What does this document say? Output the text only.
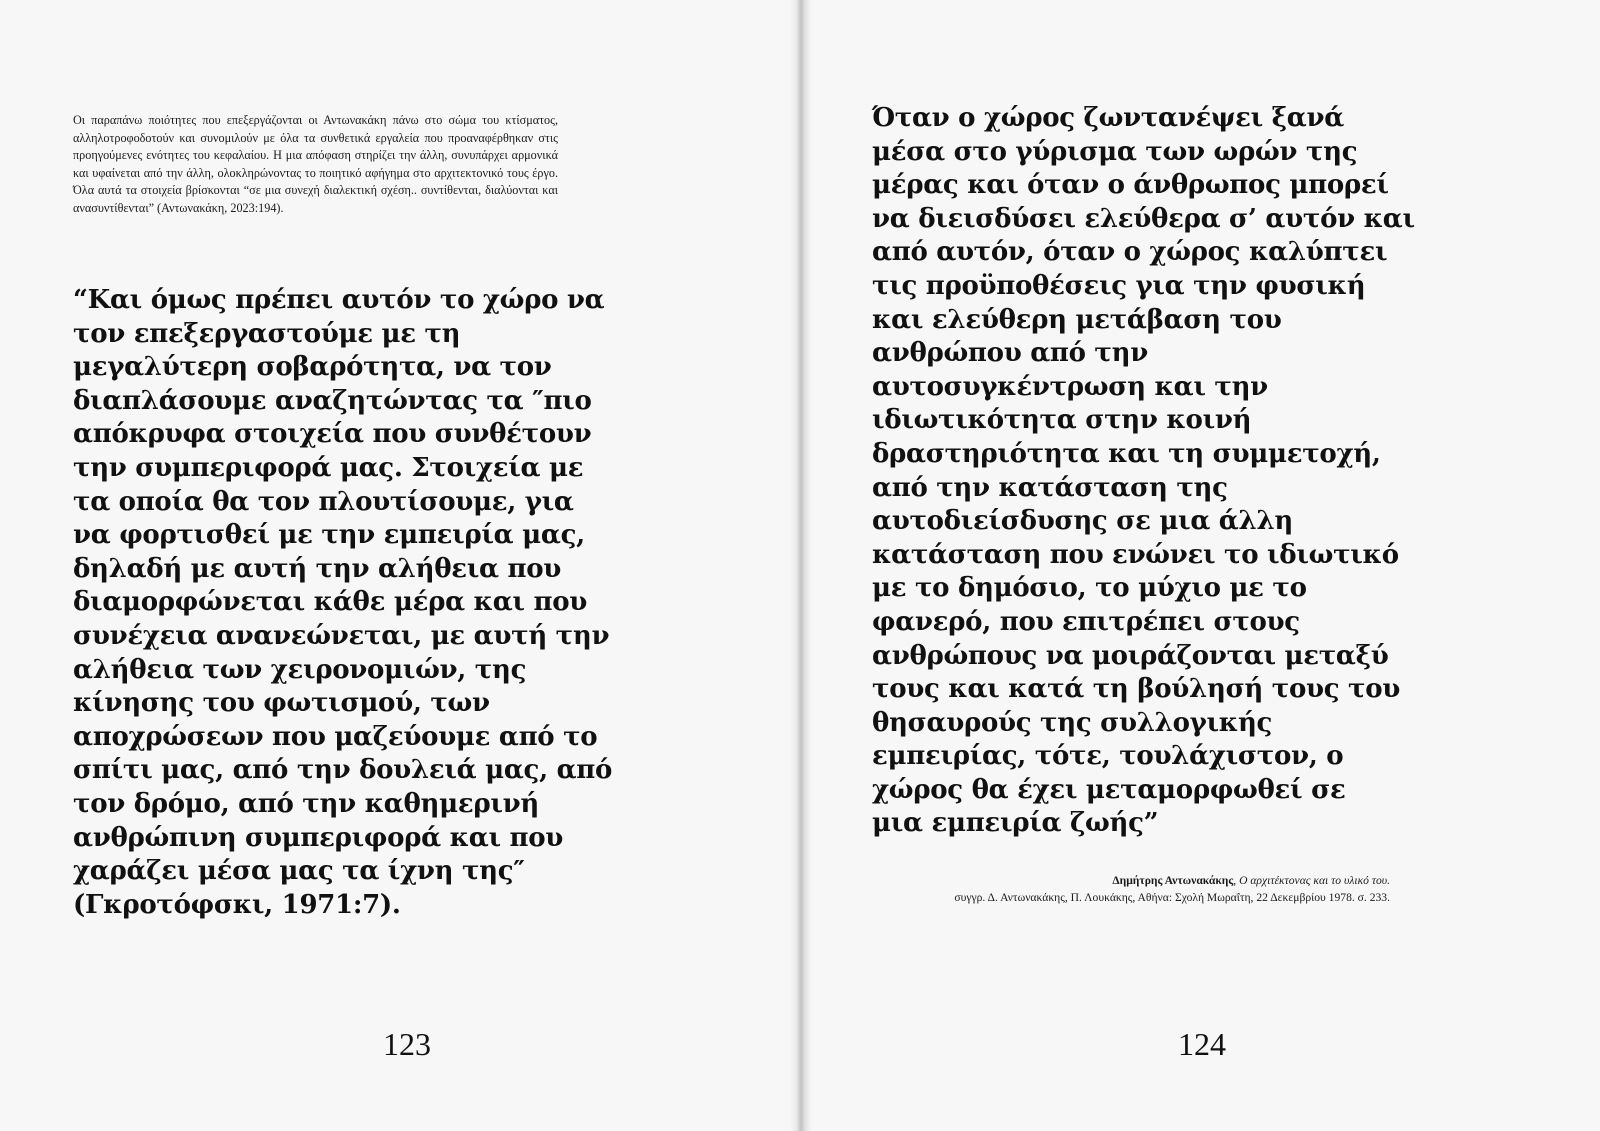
Οι παραπάνω ποιότητες που επεξεργάζονται οι Αντωνακάκη πάνω στο σώμα του κτίσματος, αλληλοτροφοδοτούν και συνομιλούν με όλα τα συνθετικά εργαλεία που προαναφέρθηκαν στις προηγούμενες ενότητες του κεφαλαίου. Η μια απόφαση στηρίζει την άλλη, συνυπάρχει αρμονικά και υφαίνεται από την άλλη, ολοκληρώνοντας το ποιητικό αφήγημα στο αρχιτεκτονικό τους έργο. Όλα αυτά τα στοιχεία βρίσκονται “σε μια συνεχή διαλεκτική σχέση.. συντίθενται, διαλύονται και ανασυντίθενται” (Αντωνακάκη, 2023:194).

“Και όμως πρέπει αυτόν το χώρο να
τον επεξεργαστούμε με τη
μεγαλύτερη σοβαρότητα, να τον
διαπλάσουμε αναζητώντας τα ″πιο
απόκρυφα στοιχεία που συνθέτουν
την συμπεριφορά μας. Στοιχεία με
τα οποία θα τον πλουτίσουμε, για
να φορτισθεί με την εμπειρία μας,
δηλαδή με αυτή την αλήθεια που
διαμορφώνεται κάθε μέρα και που
συνέχεια ανανεώνεται, με αυτή την
αλήθεια των χειρονομιών, της
κίνησης του φωτισμού, των
αποχρώσεων που μαζεύουμε από το
σπίτι μας, από την δουλειά μας, από
τον δρόμο, από την καθημερινή
ανθρώπινη συμπεριφορά και που
χαράζει μέσα μας τα ίχνη της″
(Γκροτόφσκι, 1971:7).
123
Όταν ο χώρος ζωντανέψει ξανά
μέσα στο γύρισμα των ωρών της
μέρας και όταν ο άνθρωπος μπορεί
να διεισδύσει ελεύθερα σ’ αυτόν και
από αυτόν, όταν ο χώρος καλύπτει
τις προϋποθέσεις για την φυσική
και ελεύθερη μετάβαση του
ανθρώπου από την
αυτοσυγκέντρωση και την
ιδιωτικότητα στην κοινή
δραστηριότητα και τη συμμετοχή,
από την κατάσταση της
αυτοδιείσδυσης σε μια άλλη
κατάσταση που ενώνει το ιδιωτικό
με το δημόσιο, το μύχιο με το
φανερό, που επιτρέπει στους
ανθρώπους να μοιράζονται μεταξύ
τους και κατά τη βούλησή τους του
θησαυρούς της συλλογικής
εμπειρίας, τότε, τουλάχιστον, ο
χώρος θα έχει μεταμορφωθεί σε
μια εμπειρία ζωής”
Δημήτρης Αντωνακάκης, Ο αρχιτέκτονας και το υλικό του.
συγγρ. Δ. Αντωνακάκης, Π. Λουκάκης, Αθήνα: Σχολή Μωραΐτη, 22 Δεκεμβρίου 1978. σ. 233.
124
